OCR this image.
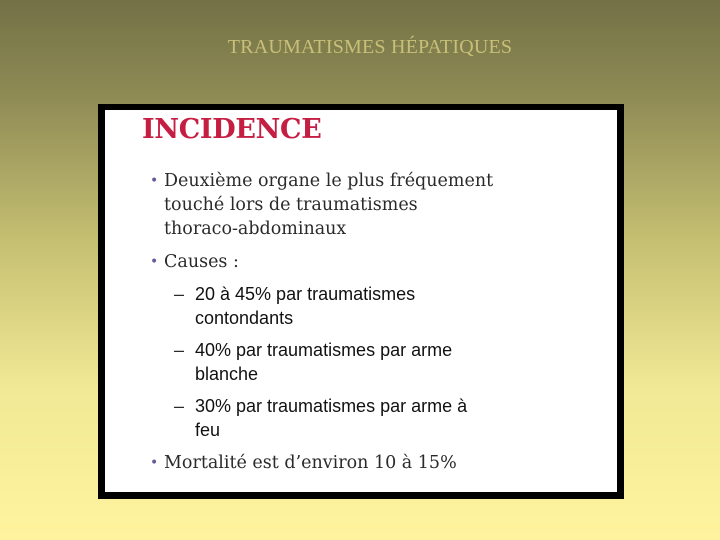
TRAUMATISMES HÉPATIQUES
INCIDENCE
• Deuxième organe le plus fréquement
touché lors de traumatismes
thoraco-abdominaux
• Causes :
– 20 à 45% par traumatismes
contondants
– 40% par traumatismes par arme
blanche
– 30% par traumatismes par arme à
feu
• Mortalité est d’environ 10 à 15%
